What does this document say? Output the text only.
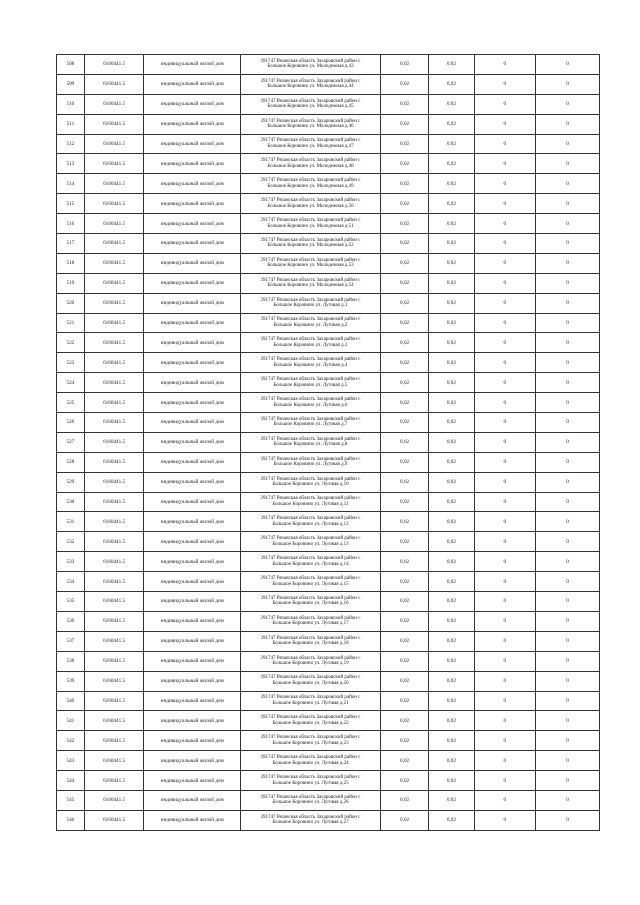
508	6160441.5	индивидуальный жилой дом	391747 Рязанская область Захаровский район с
Большое Коровино ул. Молодежная д.43	0,02	0,02	0	0
509	6160441.5	индивидуальный жилой дом	391747 Рязанская область Захаровский район с
Большое Коровино ул. Молодежная д.44	0,02	0,02	0	0
510	6160441.5	индивидуальный жилой дом	391747 Рязанская область Захаровский район с
Большое Коровино ул. Молодежная д.45	0,02	0,02	0	0
511	6160441.5	индивидуальный жилой дом	391747 Рязанская область Захаровский район с
Большое Коровино ул. Молодежная д.46	0,02	0,02	0	0
512	6160441.5	индивидуальный жилой дом	391747 Рязанская область Захаровский район с
Большое Коровино ул. Молодежная д.47	0,02	0,02	0	0
513	6160441.5	индивидуальный жилой дом	391747 Рязанская область Захаровский район с
Большое Коровино ул. Молодежная д.48	0,02	0,02	0	0
514	6160441.5	индивидуальный жилой дом	391747 Рязанская область Захаровский район с
Большое Коровино ул. Молодежная д.49	0,02	0,02	0	0
515	6160441.5	индивидуальный жилой дом	391747 Рязанская область Захаровский район с
Большое Коровино ул. Молодежная д.50	0,02	0,02	0	0
516	6160441.5	индивидуальный жилой дом	391747 Рязанская область Захаровский район с
Большое Коровино ул. Молодежная д.51	0,02	0,02	0	0
517	6160441.5	индивидуальный жилой дом	391747 Рязанская область Захаровский район с
Большое Коровино ул. Молодежная д.52	0,02	0,02	0	0
518	6160441.5	индивидуальный жилой дом	391747 Рязанская область Захаровский район с
Большое Коровино ул. Молодежная д.53	0,02	0,02	0	0
519	6160441.5	индивидуальный жилой дом	391747 Рязанская область Захаровский район с
Большое Коровино ул. Молодежная д.54	0,02	0,02	0	0
520	6160441.5	индивидуальный жилой дом	391747 Рязанская область Захаровский район с
Большое Коровино ул. Луговая д.1	0,02	0,02	0	0
521	6160441.5	индивидуальный жилой дом	391747 Рязанская область Захаровский район с
Большое Коровино ул. Луговая д.2	0,02	0,02	0	0
522	6160441.5	индивидуальный жилой дом	391747 Рязанская область Захаровский район с
Большое Коровино ул. Луговая д.3	0,02	0,02	0	0
523	6160441.5	индивидуальный жилой дом	391747 Рязанская область Захаровский район с
Большое Коровино ул. Луговая д.4	0,02	0,02	0	0
524	6160441.5	индивидуальный жилой дом	391747 Рязанская область Захаровский район с
Большое Коровино ул. Луговая д.5	0,02	0,02	0	0
525	6160441.5	индивидуальный жилой дом	391747 Рязанская область Захаровский район с
Большое Коровино ул. Луговая д.6	0,02	0,02	0	0
526	6160441.5	индивидуальный жилой дом	391747 Рязанская область Захаровский район с
Большое Коровино ул. Луговая д.7	0,02	0,02	0	0
527	6160441.5	индивидуальный жилой дом	391747 Рязанская область Захаровский район с
Большое Коровино ул. Луговая д.8	0,02	0,02	0	0
528	6160441.5	индивидуальный жилой дом	391747 Рязанская область Захаровский район с
Большое Коровино ул. Луговая д.9	0,02	0,02	0	0
529	6160441.5	индивидуальный жилой дом	391747 Рязанская область Захаровский район с
Большое Коровино ул. Луговая д.10	0,02	0,02	0	0
530	6160441.5	индивидуальный жилой дом	391747 Рязанская область Захаровский район с
Большое Коровино ул. Луговая д.11	0,02	0,02	0	0
531	6160441.5	индивидуальный жилой дом	391747 Рязанская область Захаровский район с
Большое Коровино ул. Луговая д.12	0,02	0,02	0	0
532	6160441.5	индивидуальный жилой дом	391747 Рязанская область Захаровский район с
Большое Коровино ул. Луговая д.13	0,02	0,02	0	0
533	6160441.5	индивидуальный жилой дом	391747 Рязанская область Захаровский район с
Большое Коровино ул. Луговая д.14	0,02	0,02	0	0
534	6160441.5	индивидуальный жилой дом	391747 Рязанская область Захаровский район с
Большое Коровино ул. Луговая д.15	0,02	0,02	0	0
535	6160441.5	индивидуальный жилой дом	391747 Рязанская область Захаровский район с
Большое Коровино ул. Луговая д.16	0,02	0,02	0	0
536	6160441.5	индивидуальный жилой дом	391747 Рязанская область Захаровский район с
Большое Коровино ул. Луговая д.17	0,02	0,02	0	0
537	6160441.5	индивидуальный жилой дом	391747 Рязанская область Захаровский район с
Большое Коровино ул. Луговая д.18	0,02	0,02	0	0
538	6160441.5	индивидуальный жилой дом	391747 Рязанская область Захаровский район с
Большое Коровино ул. Луговая д.19	0,02	0,02	0	0
539	6160441.5	индивидуальный жилой дом	391747 Рязанская область Захаровский район с
Большое Коровино ул. Луговая д.20	0,02	0,02	0	0
540	6160441.5	индивидуальный жилой дом	391747 Рязанская область Захаровский район с
Большое Коровино ул. Луговая д.21	0,02	0,02	0	0
541	6160441.5	индивидуальный жилой дом	391747 Рязанская область Захаровский район с
Большое Коровино ул. Луговая д.22	0,02	0,02	0	0
542	6160441.5	индивидуальный жилой дом	391747 Рязанская область Захаровский район с
Большое Коровино ул. Луговая д.23	0,02	0,02	0	0
543	6160441.5	индивидуальный жилой дом	391747 Рязанская область Захаровский район с
Большое Коровино ул. Луговая д.24	0,02	0,02	0	0
544	6160441.5	индивидуальный жилой дом	391747 Рязанская область Захаровский район с
Большое Коровино ул. Луговая д.25	0,02	0,02	0	0
545	6160441.5	индивидуальный жилой дом	391747 Рязанская область Захаровский район с
Большое Коровино ул. Луговая д.26	0,02	0,02	0	0
546	6160441.5	индивидуальный жилой дом	391747 Рязанская область Захаровский район с
Большое Коровино ул. Луговая д.27	0,02	0,02	0	0
